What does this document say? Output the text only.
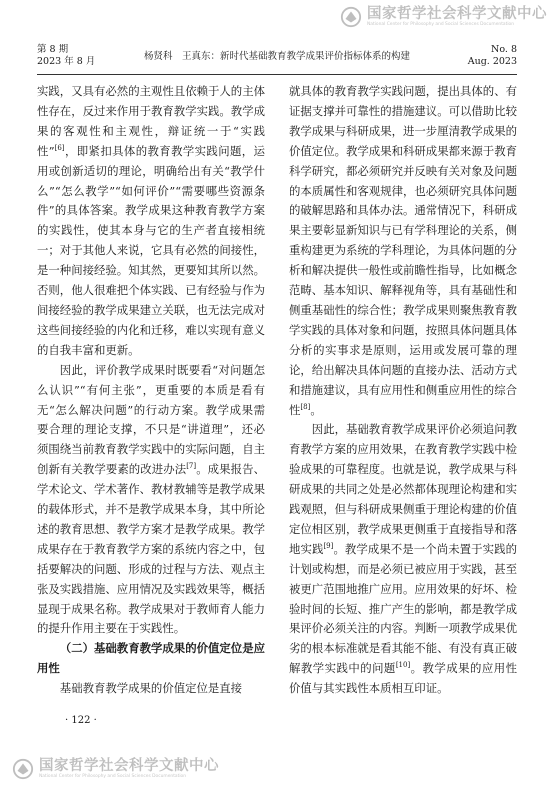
国家哲学社会科学文献中心
National Center for Philosophy and Social Sciences Documentation
第 8 期
2023 年 8 月	杨贤科　王真东：新时代基础教育教学成果评价指标体系的构建
No. 8
Aug. 2023

实践，又具有必然的主观性且依赖于人的主体性存在，反过来作用于教育教学实践。教学成果的客观性和主观性，辩证统一于“实践性”[6]，即紧扣具体的教育教学实践问题，运用或创新适切的理论，明确给出有关“教学什么”“怎么教学”“如何评价”“需要哪些资源条件”的具体答案。教学成果这种教育教学方案的实践性，使其本身与它的生产者直接相统一；对于其他人来说，它具有必然的间接性，是一种间接经验。知其然，更要知其所以然。否则，他人很难把个体实践、已有经验与作为间接经验的教学成果建立关联，也无法完成对这些间接经验的内化和迁移，难以实现有意义的自我丰富和更新。

因此，评价教学成果时既要看“对问题怎么认识”“有何主张”，更重要的本质是看有无“怎么解决问题”的行动方案。教学成果需要合理的理论支撑，不只是“讲道理”，还必须围绕当前教育教学实践中的实际问题，自主创新有关教学要素的改进办法[7]。成果报告、学术论文、学术著作、教材教辅等是教学成果的载体形式，并不是教学成果本身，其中所论述的教育思想、教学方案才是教学成果。教学成果存在于教育教学方案的系统内容之中，包括要解决的问题、形成的过程与方法、观点主张及实践措施、应用情况及实践效果等，概括显现于成果名称。教学成果对于教师育人能力的提升作用主要在于实践性。

（二）基础教育教学成果的价值定位是应用性

基础教育教学成果的价值定位是直接

就具体的教育教学实践问题，提出具体的、有证据支撑并可靠性的措施建议。可以借助比较教学成果与科研成果，进一步厘清教学成果的价值定位。教学成果和科研成果都来源于教育科学研究，都必须研究并反映有关对象及问题的本质属性和客观规律，也必须研究具体问题的破解思路和具体办法。通常情况下，科研成果主要彰显新知识与已有学科理论的关系，侧重构建更为系统的学科理论，为具体问题的分析和解决提供一般性或前瞻性指导，比如概念范畴、基本知识、解释视角等，具有基础性和侧重基础性的综合性；教学成果则聚焦教育教学实践的具体对象和问题，按照具体问题具体分析的实事求是原则，运用或发展可靠的理论，给出解决具体问题的直接办法、活动方式和措施建议，具有应用性和侧重应用性的综合性[8]。

因此，基础教育教学成果评价必须追问教育教学方案的应用效果，在教育教学实践中检验成果的可靠程度。也就是说，教学成果与科研成果的共同之处是必然都体现理论构建和实践观照，但与科研成果侧重于理论构建的价值定位相区别，教学成果更侧重于直接指导和落地实践[9]。教学成果不是一个尚未置于实践的计划或构想，而是必须已被应用于实践，甚至被更广范围地推广应用。应用效果的好坏、检验时间的长短、推广产生的影响，都是教学成果评价必须关注的内容。判断一项教学成果优劣的根本标准就是看其能不能、有没有真正破解教学实践中的问题[10]。教学成果的应用性价值与其实践性本质相互印证。

· 122 ·
国家哲学社会科学文献中心
National Center for Philosophy and Social Sciences Documentation
